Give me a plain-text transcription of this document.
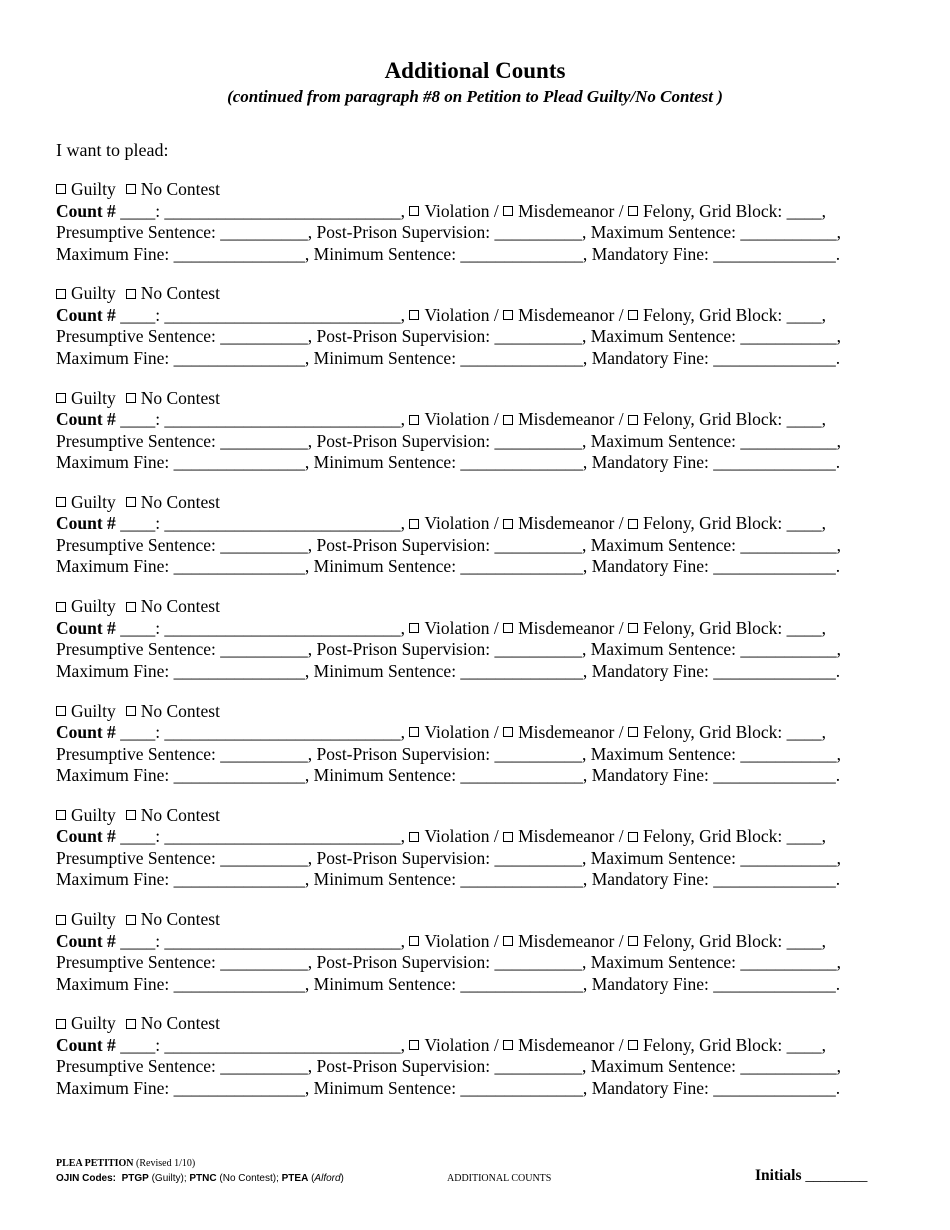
Additional Counts
(continued from paragraph #8 on Petition to Plead Guilty/No Contest )
I want to plead:
Guilty No Contest
Count # ____: ___________________________, Violation / Misdemeanor / Felony, Grid Block: ____,
Presumptive Sentence: __________, Post-Prison Supervision: __________, Maximum Sentence: ___________,
Maximum Fine: _______________, Minimum Sentence: ______________, Mandatory Fine: ______________.
Guilty No Contest
Count # ____: ___________________________, Violation / Misdemeanor / Felony, Grid Block: ____,
Presumptive Sentence: __________, Post-Prison Supervision: __________, Maximum Sentence: ___________,
Maximum Fine: _______________, Minimum Sentence: ______________, Mandatory Fine: ______________.
Guilty No Contest
Count # ____: ___________________________, Violation / Misdemeanor / Felony, Grid Block: ____,
Presumptive Sentence: __________, Post-Prison Supervision: __________, Maximum Sentence: ___________,
Maximum Fine: _______________, Minimum Sentence: ______________, Mandatory Fine: ______________.
Guilty No Contest
Count # ____: ___________________________, Violation / Misdemeanor / Felony, Grid Block: ____,
Presumptive Sentence: __________, Post-Prison Supervision: __________, Maximum Sentence: ___________,
Maximum Fine: _______________, Minimum Sentence: ______________, Mandatory Fine: ______________.
Guilty No Contest
Count # ____: ___________________________, Violation / Misdemeanor / Felony, Grid Block: ____,
Presumptive Sentence: __________, Post-Prison Supervision: __________, Maximum Sentence: ___________,
Maximum Fine: _______________, Minimum Sentence: ______________, Mandatory Fine: ______________.
Guilty No Contest
Count # ____: ___________________________, Violation / Misdemeanor / Felony, Grid Block: ____,
Presumptive Sentence: __________, Post-Prison Supervision: __________, Maximum Sentence: ___________,
Maximum Fine: _______________, Minimum Sentence: ______________, Mandatory Fine: ______________.
Guilty No Contest
Count # ____: ___________________________, Violation / Misdemeanor / Felony, Grid Block: ____,
Presumptive Sentence: __________, Post-Prison Supervision: __________, Maximum Sentence: ___________,
Maximum Fine: _______________, Minimum Sentence: ______________, Mandatory Fine: ______________.
Guilty No Contest
Count # ____: ___________________________, Violation / Misdemeanor / Felony, Grid Block: ____,
Presumptive Sentence: __________, Post-Prison Supervision: __________, Maximum Sentence: ___________,
Maximum Fine: _______________, Minimum Sentence: ______________, Mandatory Fine: ______________.
Guilty No Contest
Count # ____: ___________________________, Violation / Misdemeanor / Felony, Grid Block: ____,
Presumptive Sentence: __________, Post-Prison Supervision: __________, Maximum Sentence: ___________,
Maximum Fine: _______________, Minimum Sentence: ______________, Mandatory Fine: ______________.
PLEA PETITION (Revised 1/10)
OJIN Codes: PTGP (Guilty); PTNC (No Contest); PTEA (Alford)	ADDITIONAL COUNTS	Initials ________
